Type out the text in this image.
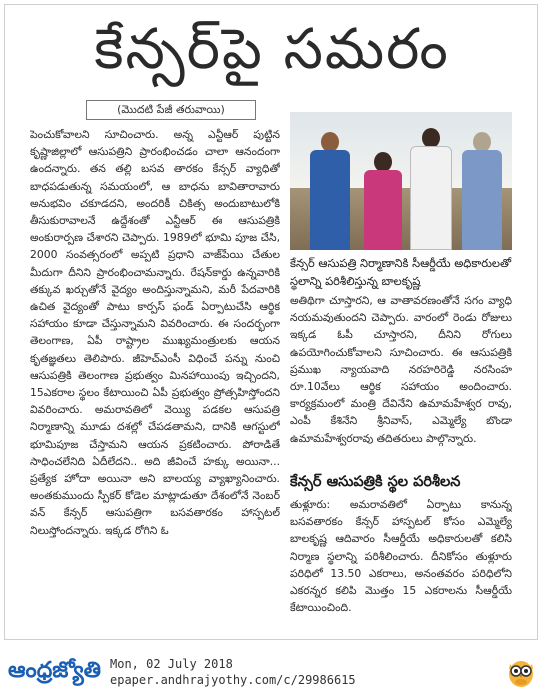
కేన్సర్‌పై సమరం
(మొదటి పేజీ తరువాయి)
పెంచుకోవాలని సూచించారు. అన్న ఎన్టీఆర్ పుట్టిన కృష్ణాజిల్లాలో ఆసుపత్రిని ప్రారంభించడం చాలా ఆనందంగా ఉందన్నారు. తన తల్లి బసవ తారకం కేన్సర్ వ్యాధితో బాధపడుతున్న సమయంలో, ఆ బాధను బావితారావారు అనుభవిం చకూడదని, అందరికీ చికిత్స అందుబాటులోకి తీసుకురావాలనే ఉద్దేశంతో ఎన్టీఆర్ ఈ ఆసుపత్రికి అంకురార్పణ చేశారని చెప్పారు. 1989లో భూమి పూజ చేసి, 2000 సంవత్సరంలో అప్పటి ప్రధాని వాజ్‌పేయి చేతుల మీదుగా దీనిని ప్రారంభించామన్నారు. రేషన్‌కార్డు ఉన్నవారికి తక్కువ ఖర్చుతోనే వైద్యం అందిస్తున్నామని, మరీ పేదవారికి ఉచిత వైద్యంతో పాటు కార్పస్ ఫండ్ ఏర్పాటుచేసి ఆర్థిక సహాయం కూడా చేస్తున్నామని వివరించారు. ఈ సందర్భంగా తెలంగాణ, ఏపీ రాష్ట్రాల ముఖ్యమంత్రులకు ఆయన కృతజ్ఞతలు తెలిపారు. జీహెచ్ఎంసీ విధించే పన్ను నుంచి ఆసుపత్రికి తెలంగాణ ప్రభుత్వం మినహాయింపు ఇచ్చిందని, 15ఎకరాల స్థలం కేటాయించి ఏపీ ప్రభుత్వం ప్రోత్సహిస్తోందని వివరించారు. అమరావతిలో వెయ్యి పడకల ఆసుపత్రి నిర్మాణాన్ని మూడు దశల్లో చేపడతామని, దానికి ఆగస్టులో భూమిపూజ చేస్తామని ఆయన ప్రకటించారు. పోరాడితే సాధించలేనిది ఏదీలేదని.. అది జీవించే హక్కు అయినా... ప్రత్యేక హోదా అయినా అని బాలయ్య వ్యాఖ్యానించారు. అంతకుముందు స్పీకర్ కోడెల మాట్లాడుతూ దేశంలోనే నెంబర్ వన్ కేన్సర్ ఆసుపత్రిగా బసవతారకం హాస్పటల్ నిలుస్తోందన్నారు. ఇక్కడ రోగిని ఓ
కేన్సర్ ఆసుపత్రి నిర్మాణానికి సీఆర్డీయే అధికారులతో స్థలాన్ని పరిశీలిస్తున్న బాలకృష్ణ
అతిథిగా చూస్తారని, ఆ వాతావరణంతోనే సగం వ్యాధి నయమవుతుందని చెప్పారు. వారంలో రెండు రోజులు ఇక్కడ ఓపీ చూస్తారని, దీనిని రోగులు ఉపయోగించుకోవాలని సూచించారు. ఈ ఆసుపత్రికి ప్రముఖ న్యాయవాది నరహరిరెడ్డి నరసింహ రూ.10వేలు ఆర్థిక సహాయం అందించారు. కార్యక్రమంలో మంత్రి దేవినేని ఉమామహేశ్వర రావు, ఎంపీ కేశినేని శ్రీనివాస్, ఎమ్మెల్యే బొండా ఉమామహేశ్వరరావు తదితరులు పాల్గొన్నారు.
కేన్సర్ ఆసుపత్రికి స్థల పరిశీలన
తుళ్లూరు: అమరావతిలో ఏర్పాటు కానున్న బసవతారకం కేన్సర్ హాస్పటల్ కోసం ఎమ్మెల్యే బాలకృష్ణ ఆదివారం సీఆర్డీయే అధికారులతో కలిసి నిర్మాణ స్థలాన్ని పరిశీలించారు. దీనికోసం తుళ్లూరు పరిధిలో 13.50 ఎకరాలు, అనంతవరం పరిధిలోని ఎకరన్నర కలిపి మొత్తం 15 ఎకరాలను సీఆర్డీయే కేటాయించింది.
ఆంధ్రజ్యోతి Mon, 02 July 2018
epaper.andhrajyothy.com/c/29986615
